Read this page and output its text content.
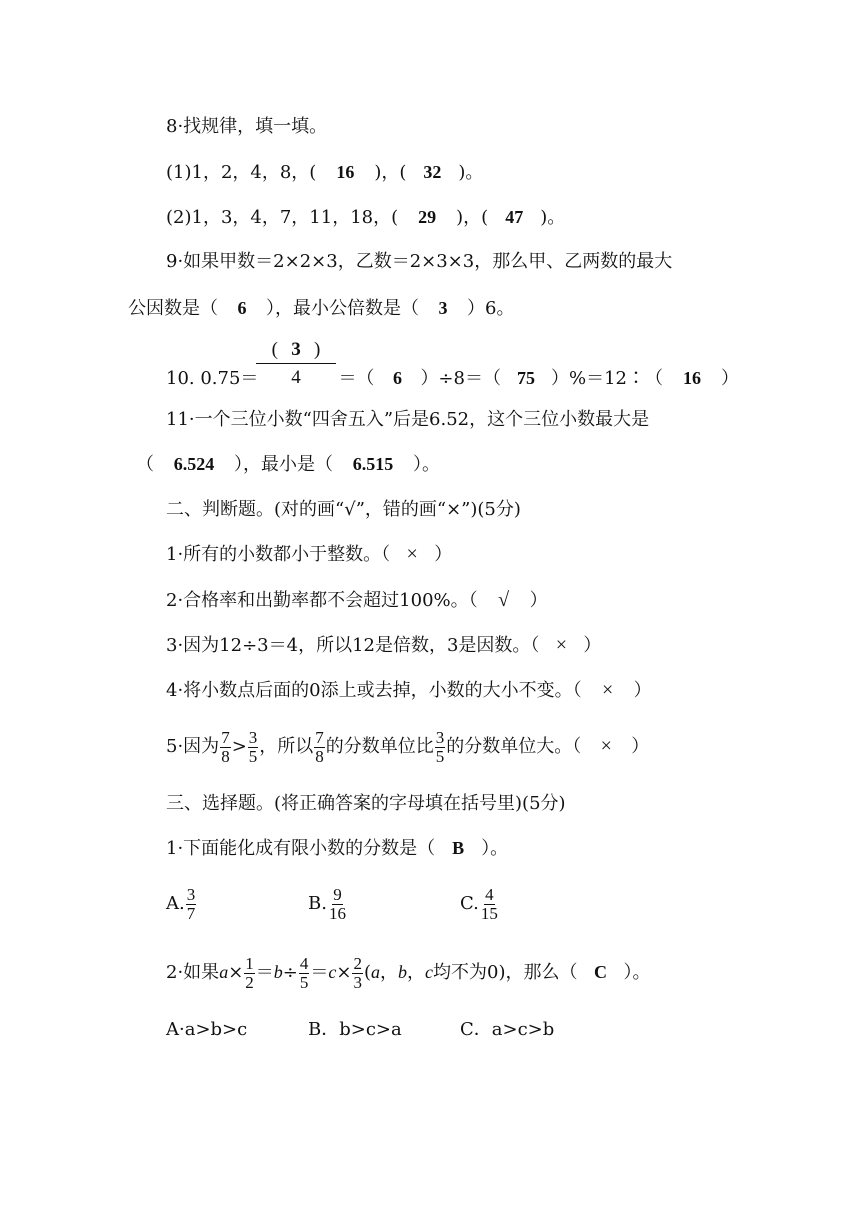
8·找规律，填一填。
(1)1，2，4，8，( 16 )，( 32 )。
(2)1，3，4，7，11，18，( 29 )，( 47 )。
9·如果甲数＝2×2×3，乙数＝2×3×3，那么甲、乙两数的最大
公因数是（ 6 ），最小公倍数是（ 3 ）6。
$\frac{( 3 )}{4}$
10. 0.75＝	＝（ 6 ）÷8＝（ 75 ）%＝12∶（ 16 ）
11·一个三位小数“四舍五入”后是6.52，这个三位小数最大是
（ 6.524 ），最小是（ 6.515 ）。
二、判断题。(对的画“√”，错的画“×”)(5分)
1·所有的小数都小于整数。（ × ）
2·合格率和出勤率都不会超过100%。（ √ ）
3·因为12÷3＝4，所以12是倍数，3是因数。（ × ）
4·将小数点后面的0添上或去掉，小数的大小不变。（ × ）
5·因为 $\frac{7}{8} > \frac{3}{5}$ ，所以 $\frac{7}{8}$ 的分数单位比 $\frac{3}{5}$ 的分数单位大。（ × ）
三、选择题。(将正确答案的字母填在括号里)(5分)
1·下面能化成有限小数的分数是（ B ）。
A. $\frac{3}{7}$	B. $\frac{9}{16}$	C. $\frac{4}{15}$
2·如果$a\times \frac{1}{2} =b\div \frac{4}{5} =c\times \frac{2}{3} (a$，b，c均不为0)，那么（ C ）。
A·a>b>c	B．b>c>a	C．a>c>b
